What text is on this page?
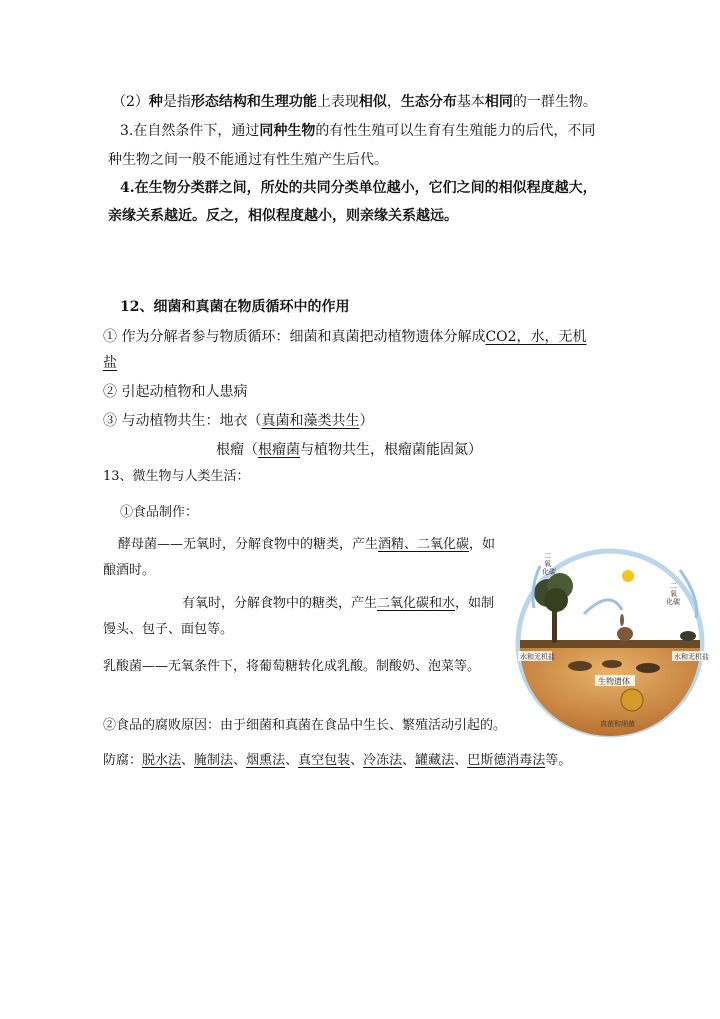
（2）种是指形态结构和生理功能上表现相似，生态分布基本相同的一群生物。
3.在自然条件下，通过同种生物的有性生殖可以生育有生殖能力的后代，不同
种生物之间一般不能通过有性生殖产生后代。
4.在生物分类群之间，所处的共同分类单位越小，它们之间的相似程度越大，
亲缘关系越近。反之，相似程度越小，则亲缘关系越远。
12、细菌和真菌在物质循环中的作用
① 作为分解者参与物质循环：细菌和真菌把动植物遗体分解成CO2，水，无机
盐
② 引起动植物和人患病
③ 与动植物共生：地衣（真菌和藻类共生）
根瘤（根瘤菌与植物共生，根瘤菌能固氮）
13、微生物与人类生活：
①食品制作：
酵母菌——无氧时，分解食物中的糖类，产生酒精、二氧化碳，如
酿酒时。
有氧时，分解食物中的糖类，产生二氧化碳和水，如制
馒头、包子、面包等。
乳酸菌——无氧条件下，将葡萄糖转化成乳酸。制酸奶、泡菜等。
②食品的腐败原因：由于细菌和真菌在食品中生长、繁殖活动引起的。
防腐：脱水法、腌制法、烟熏法、真空包装、冷冻法、罐藏法、巴斯德消毒法等。
水和无机盐	水和无机盐
生物遗体
真菌和细菌
二
氧
化碳
二
氧
化碳
